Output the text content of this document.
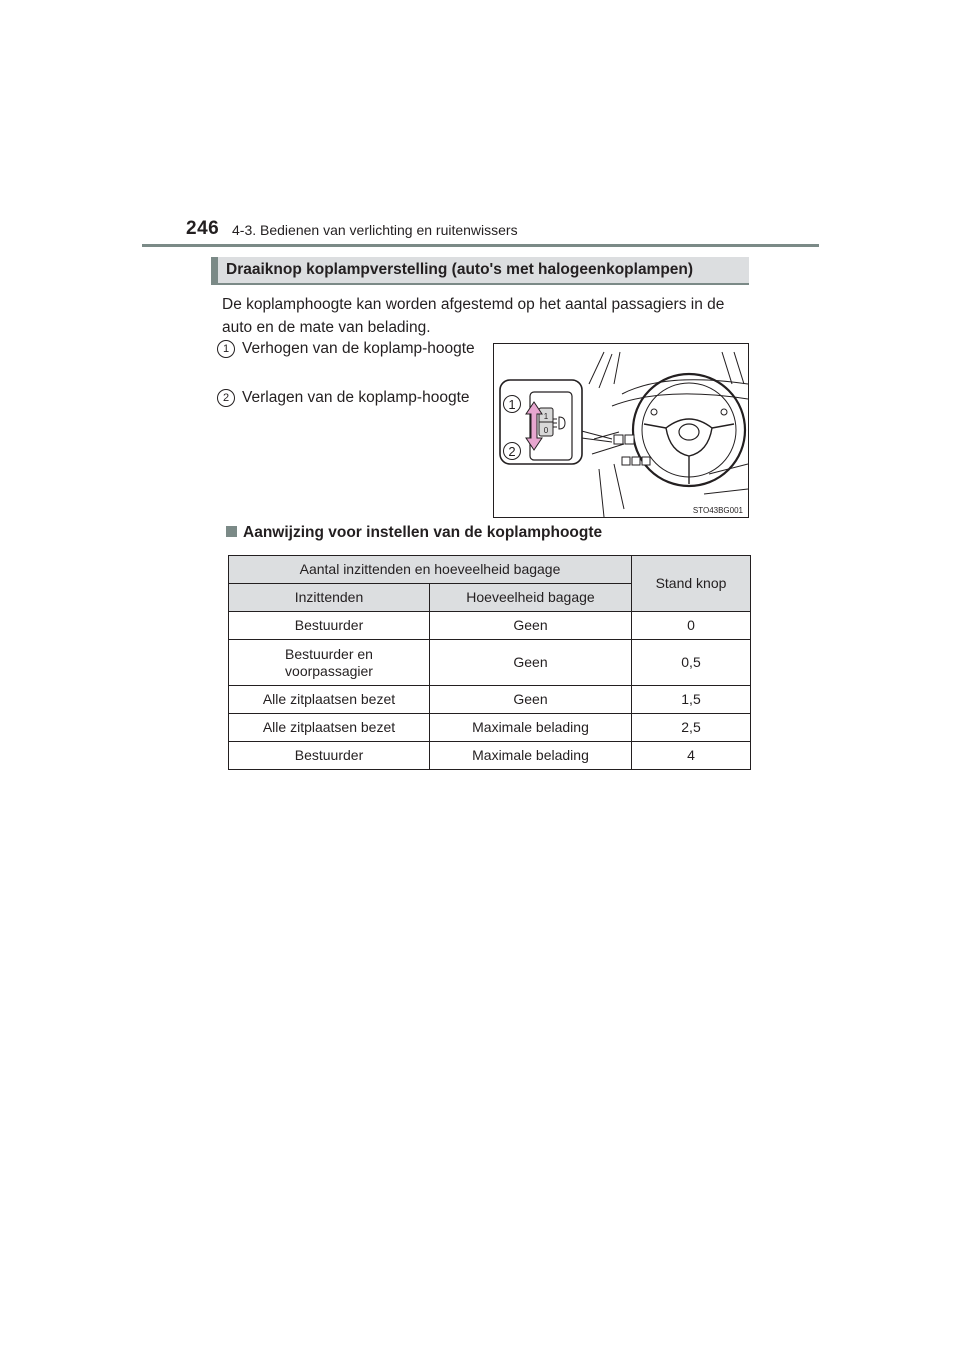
246 4-3. Bedienen van verlichting en ruitenwissers
Draaiknop koplampverstelling (auto's met halogeenkoplampen)
De koplamphoogte kan worden afgestemd op het aantal passagiers in de auto en de mate van belading.
1 Verhogen van de koplamp-hoogte
2 Verlagen van de koplamp-hoogte
1
0
1
2
STO43BG001
Aanwijzing voor instellen van de koplamphoogte
Aantal inzittenden en hoeveelheid bagage		Stand knop
Inzittenden	Hoeveelheid bagage	
Bestuurder	Geen	0
Bestuurder en voorpassagier	Geen	0,5
Alle zitplaatsen bezet	Geen	1,5
Alle zitplaatsen bezet	Maximale belading	2,5
Bestuurder	Maximale belading	4
